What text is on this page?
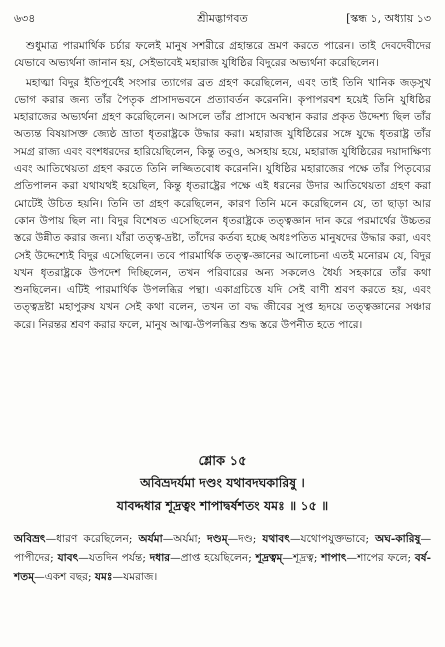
৬৩৪	শ্রীমদ্ভাগবত	[স্কন্ধ ১, অধ্যায় ১৩

শুধুমাত্র পারমার্থিক চর্চার ফলেই মানুষ সশরীরে গ্রহান্তরে ভ্রমণ করতে পারেন। তাই দেবদেবীদের যেভাবে অভ্যর্থনা জানান হয়, সেইভাবেই মহারাজ যুধিষ্ঠির বিদুরের অভ্যর্থনা করেছিলেন।

মহাত্মা বিদুর ইতিপূর্বেই সংসার ত্যাগের ব্রত গ্রহণ করেছিলেন, এবং তাই তিনি খানিক জড়সুখ ভোগ করার জন্য তাঁর পৈতৃক প্রাসাদভবনে প্রত্যাবর্তন করেননি। কৃপাপরবশ হয়েই তিনি যুধিষ্ঠির মহারাজের অভ্যর্থনা গ্রহণ করেছিলেন। আসলে তাঁর প্রাসাদে অবস্থান করার প্রকৃত উদ্দেশ্য ছিল তাঁর অত্যন্ত বিষয়াসক্ত জ্যেষ্ঠ ভ্রাতা ধৃতরাষ্ট্রকে উদ্ধার করা। মহারাজ যুধিষ্ঠিরের সঙ্গে যুদ্ধে ধৃতরাষ্ট্র তাঁর সমগ্র রাজ্য এবং বংশধরদের হারিয়েছিলেন, কিন্তু তবুও, অসহায় হয়ে, মহারাজ যুধিষ্ঠিরের দয়াদাক্ষিণ্য এবং আতিথেয়তা গ্রহণ করতে তিনি লজ্জিতবোধ করেননি। যুধিষ্ঠির মহারাজের পক্ষে তাঁর পিতৃব্যের প্রতিপালন করা যথাযথই হয়েছিল, কিন্তু ধৃতরাষ্ট্রের পক্ষে এই ধরনের উদার আতিথেয়তা গ্রহণ করা মোটেই উচিত হয়নি। তিনি তা গ্রহণ করেছিলেন, কারণ তিনি মনে করেছিলেন যে, তা ছাড়া আর কোন উপায় ছিল না। বিদুর বিশেষত এসেছিলেন ধৃতরাষ্ট্রকে তত্ত্বজ্ঞান দান করে পরমার্থের উচ্চতর স্তরে উন্নীত করার জন্য। যাঁরা তত্ত্ব-দ্রষ্টা, তাঁদের কর্তব্য হচ্ছে অধঃপতিত মানুষদের উদ্ধার করা, এবং সেই উদ্দেশ্যেই বিদুর এসেছিলেন। তবে পারমার্থিক তত্ত্ব-জ্ঞানের আলোচনা এতই মনোরম যে, বিদুর যখন ধৃতরাষ্ট্রকে উপদেশ দিচ্ছিলেন, তখন পরিবারের অন্য সকলেও ধৈর্য্য সহকারে তাঁর কথা শুনছিলেন। এটিই পারমার্থিক উপলব্ধির পন্থা। একাগ্রচিত্তে যদি সেই বাণী শ্রবণ করতে হয়, এবং তত্ত্বদ্রষ্টা মহাপুরুষ যখন সেই কথা বলেন, তখন তা বদ্ধ জীবের সুপ্ত হৃদয়ে তত্ত্বজ্ঞানের সঞ্চার করে। নিরন্তর শ্রবণ করার ফলে, মানুষ আত্ম-উপলব্ধির শুদ্ধ স্তরে উপনীত হতে পারে।

শ্লোক ১৫
অবিভ্রদর্যমা দণ্ডং যথাবদঘকারিষু ।
যাবদ্দধার শূদ্রত্বং শাপাদ্বর্ষশতং যমঃ ॥ ১৫ ॥
অবিভ্রৎ—ধারণ করেছিলেন; অর্যমা—অর্যমা; দণ্ডম্—দণ্ড; যথাবৎ—যথোপযুক্তভাবে; অঘ-কারিষু—পাপীদের; যাবৎ—যতদিন পর্যন্ত; দধার—প্রাপ্ত হয়েছিলেন; শূদ্রত্বম্—শূদ্রত্ব; শাপাৎ—শাপের ফলে; বর্ষ-শতম্—একশ বছর; যমঃ—যমরাজ।
